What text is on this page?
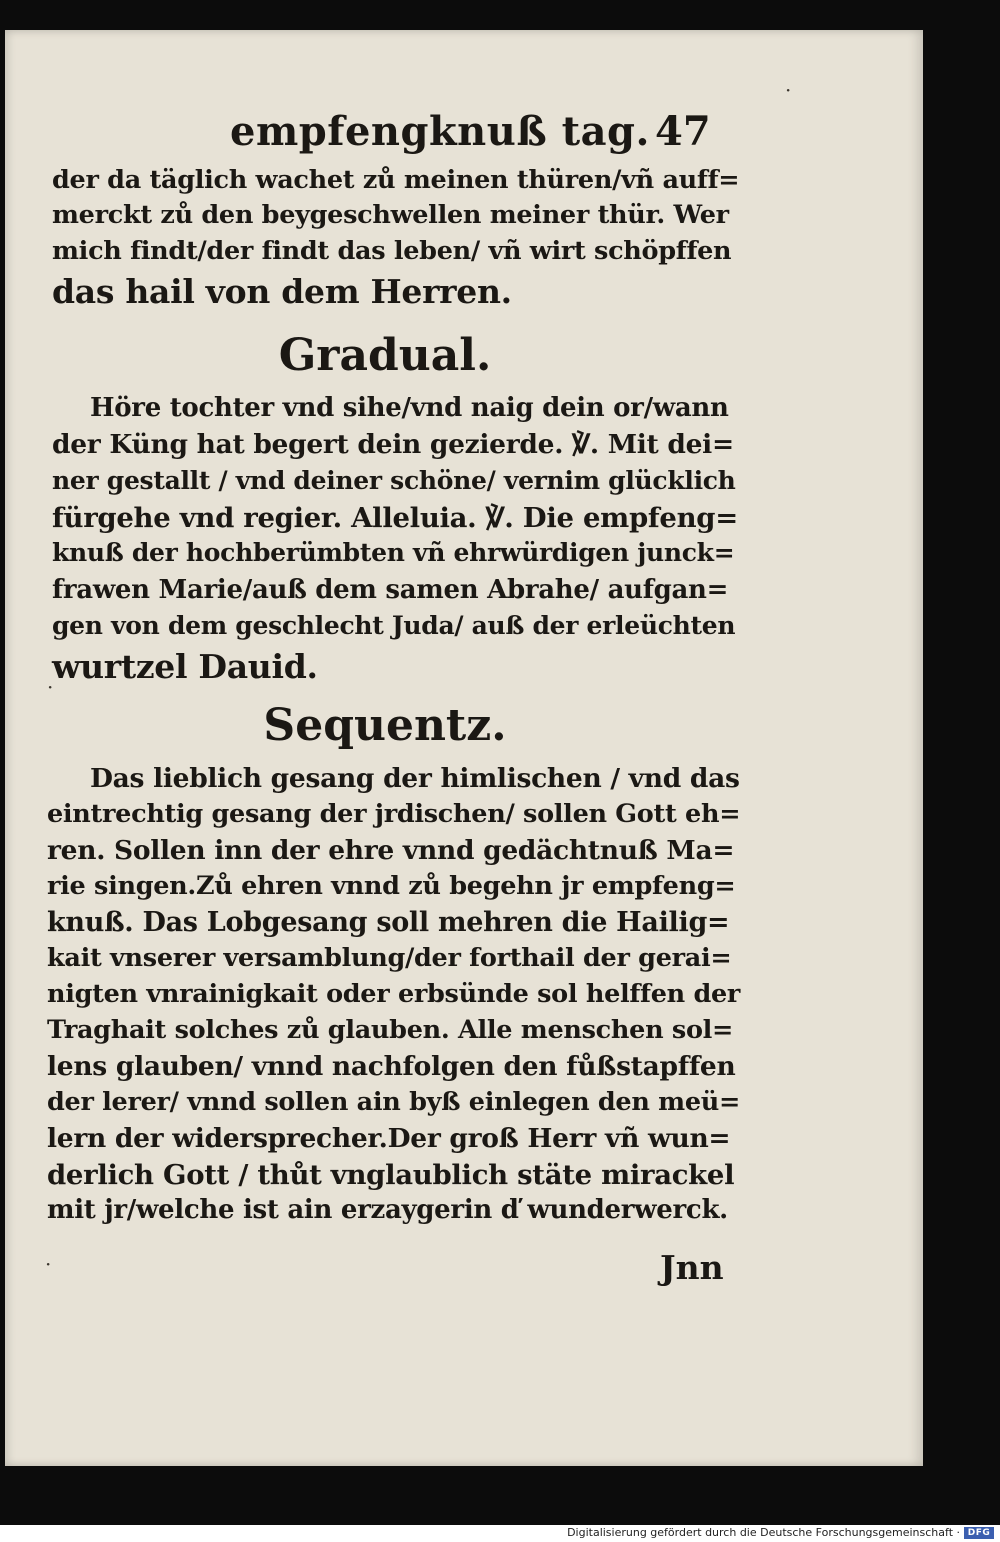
empfengknuß tag. 47
der da täglich wachet zů meinen thüren/vñ auff=
merckt zů den beygeschwellen meiner thür. Wer
mich findt/der findt das leben/ vñ wirt schöpffen
das hail von dem Herren.
Gradual.
Höre tochter vnd sihe/vnd naig dein or/wann
der Küng hat begert dein gezierde. ℣. Mit dei=
ner gestallt / vnd deiner schöne/ vernim glücklich
fürgehe vnd regier. Alleluia. ℣. Die empfeng=
knuß der hochberümbten vñ ehrwürdigen junck=
frawen Marie/auß dem samen Abrahe/ aufgan=
gen von dem geschlecht Juda/ auß der erleüchten
wurtzel Dauid.
Sequentz.
Das lieblich gesang der himlischen / vnd das
eintrechtig gesang der jrdischen/ sollen Gott eh=
ren. Sollen inn der ehre vnnd gedächtnuß Ma=
rie singen.Zů ehren vnnd zů begehn jr empfeng=
knuß. Das Lobgesang soll mehren die Hailig=
kait vnserer versamblung/der forthail der gerai=
nigten vnrainigkait oder erbsünde sol helffen der
Traghait solches zů glauben. Alle menschen sol=
lens glauben/ vnnd nachfolgen den fůßstapffen
der lerer/ vnnd sollen ain byß einlegen den meü=
lern der widersprecher.Der groß Herr vñ wun=
derlich Gott / thůt vnglaublich stäte mirackel
mit jr/welche ist ain erzaygerin ď wunderwerck.
Jnn
·
·
·
Digitalisierung gefördert durch die Deutsche Forschungsgemeinschaft · DFG
